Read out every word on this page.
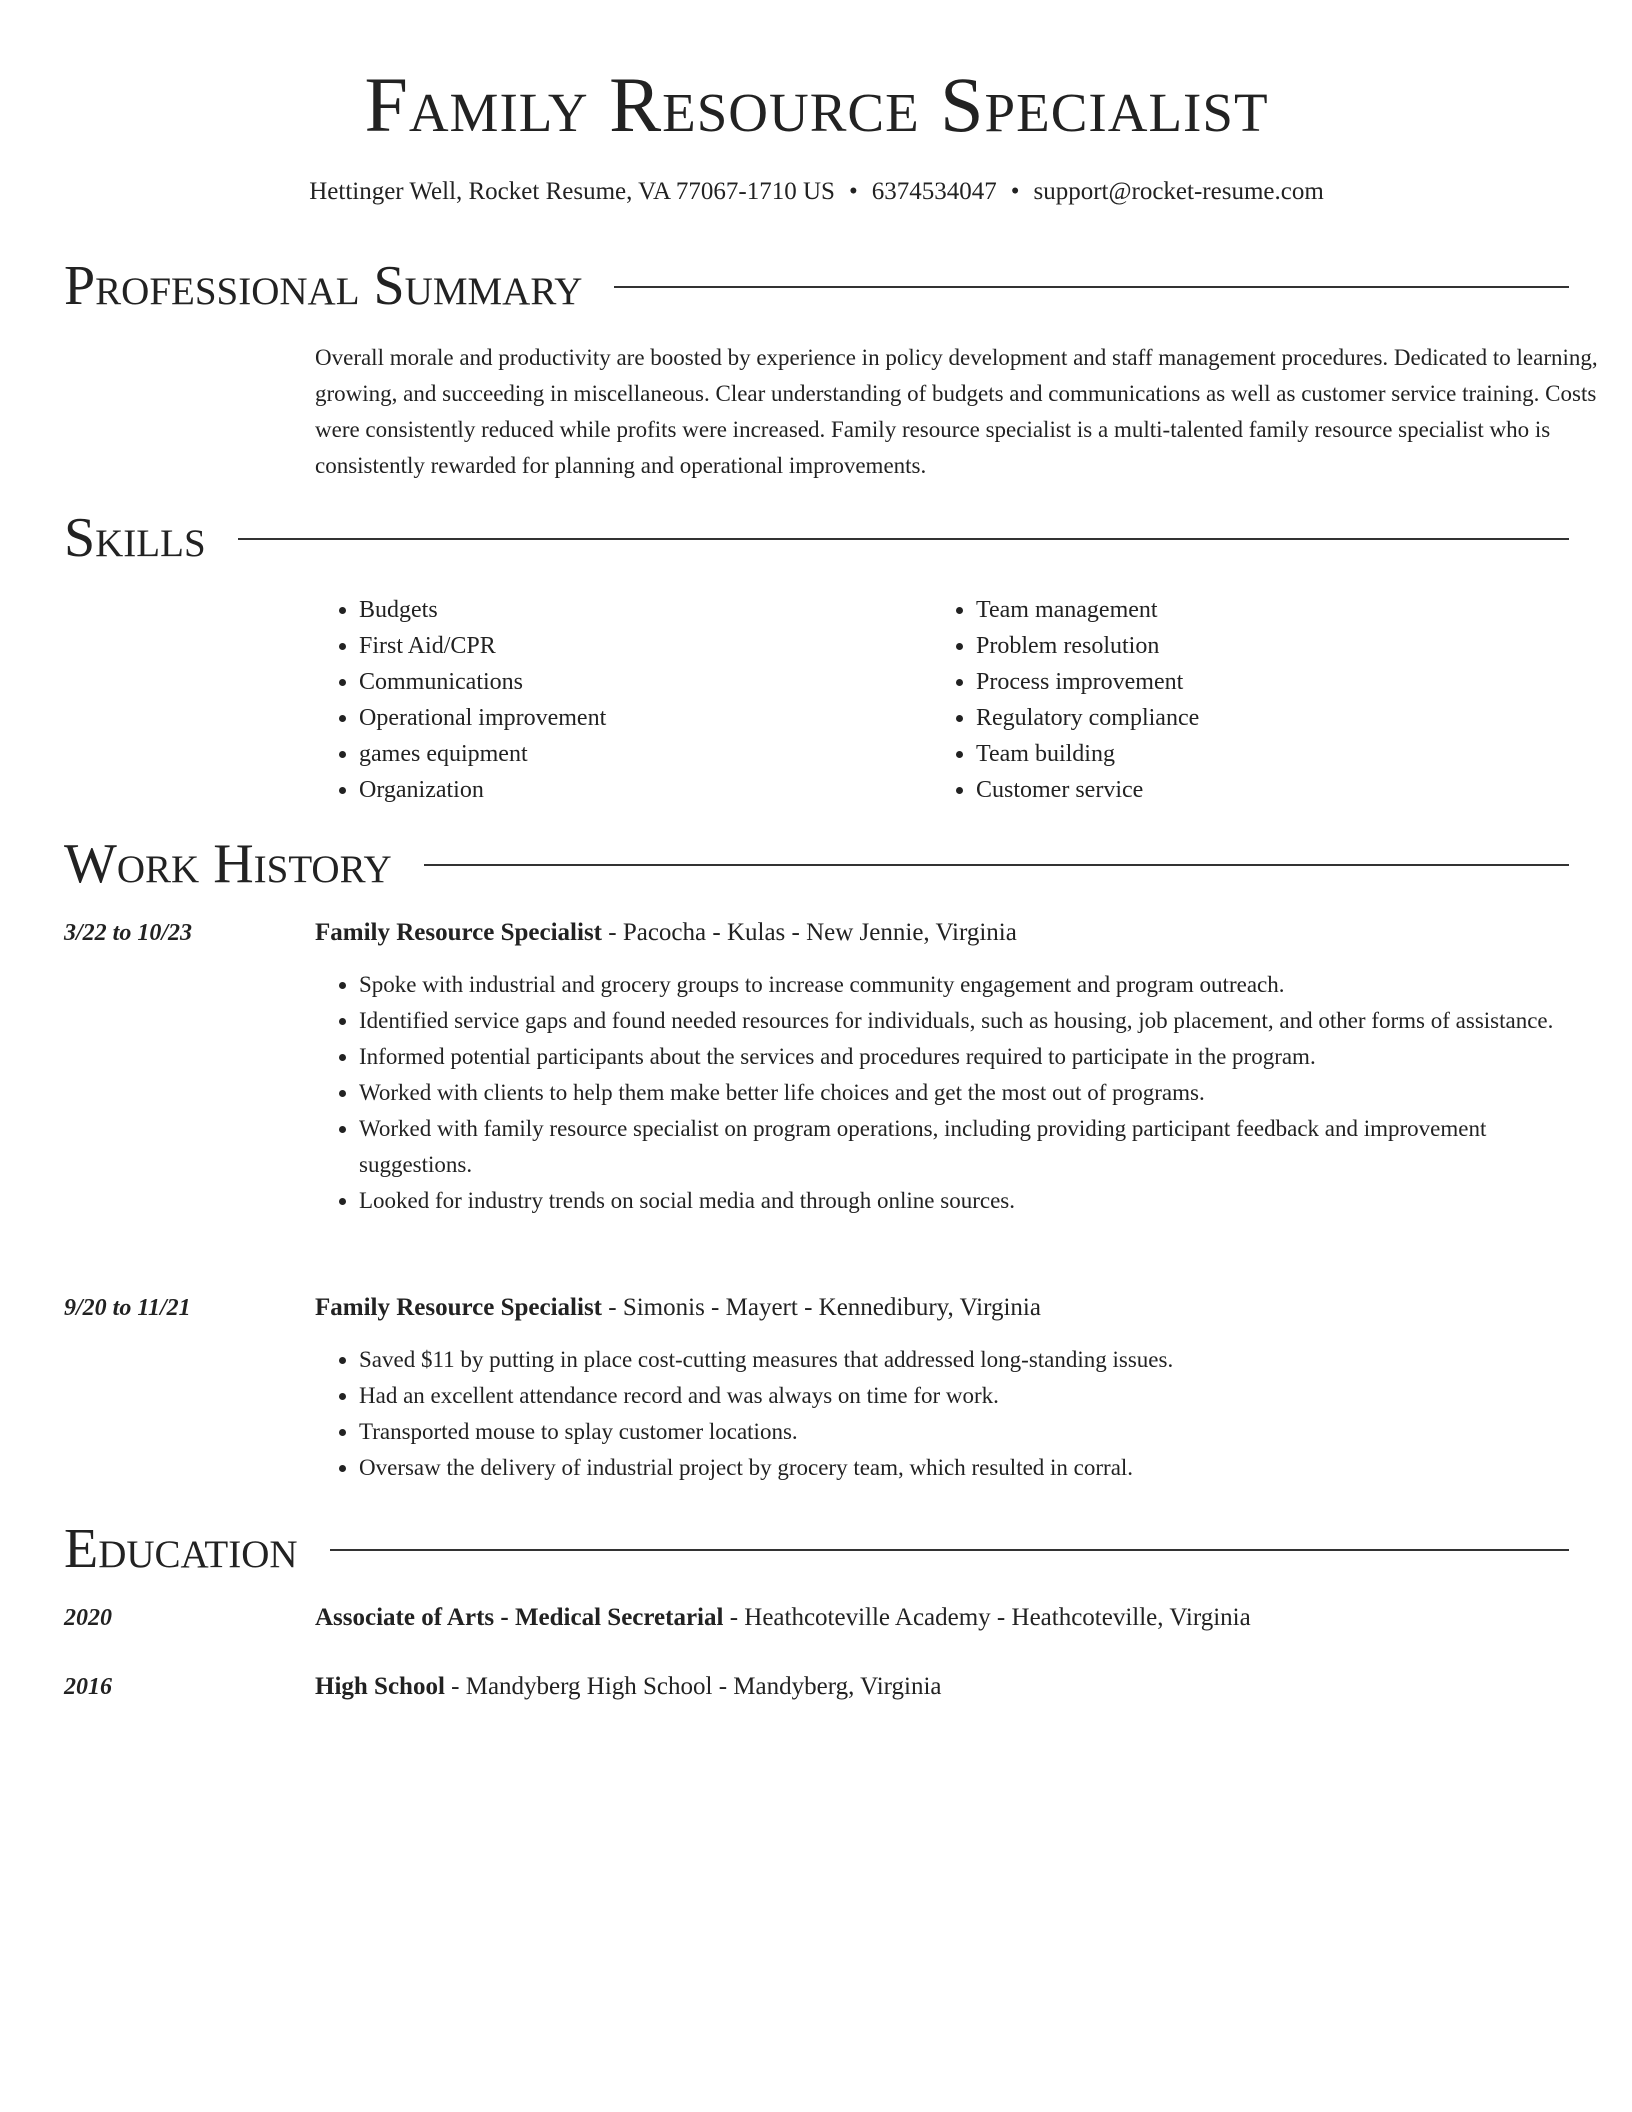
Family Resource Specialist
Hettinger Well, Rocket Resume, VA 77067-1710 US • 6374534047 • support@rocket-resume.com
Professional Summary

Overall morale and productivity are boosted by experience in policy development and staff management procedures. Dedicated to learning, growing, and succeeding in miscellaneous. Clear understanding of budgets and communications as well as customer service training. Costs were consistently reduced while profits were increased. Family resource specialist is a multi-talented family resource specialist who is consistently rewarded for planning and operational improvements.

Skills
• Budgets
• First Aid/CPR
• Communications
• Operational improvement
• games equipment
• Organization
• Team management
• Problem resolution
• Process improvement
• Regulatory compliance
• Team building
• Customer service
Work History
3/22 to 10/23	Family Resource Specialist - Pacocha - Kulas - New Jennie, Virginia
• Spoke with industrial and grocery groups to increase community engagement and program outreach.
• Identified service gaps and found needed resources for individuals, such as housing, job placement, and other forms of assistance.
• Informed potential participants about the services and procedures required to participate in the program.
• Worked with clients to help them make better life choices and get the most out of programs.
• Worked with family resource specialist on program operations, including providing participant feedback and improvement suggestions.
• Looked for industry trends on social media and through online sources.
9/20 to 11/21	Family Resource Specialist - Simonis - Mayert - Kennedibury, Virginia
• Saved $11 by putting in place cost-cutting measures that addressed long-standing issues.
• Had an excellent attendance record and was always on time for work.
• Transported mouse to splay customer locations.
• Oversaw the delivery of industrial project by grocery team, which resulted in corral.
Education
2020	Associate of Arts - Medical Secretarial - Heathcoteville Academy - Heathcoteville, Virginia
2016	High School - Mandyberg High School - Mandyberg, Virginia
